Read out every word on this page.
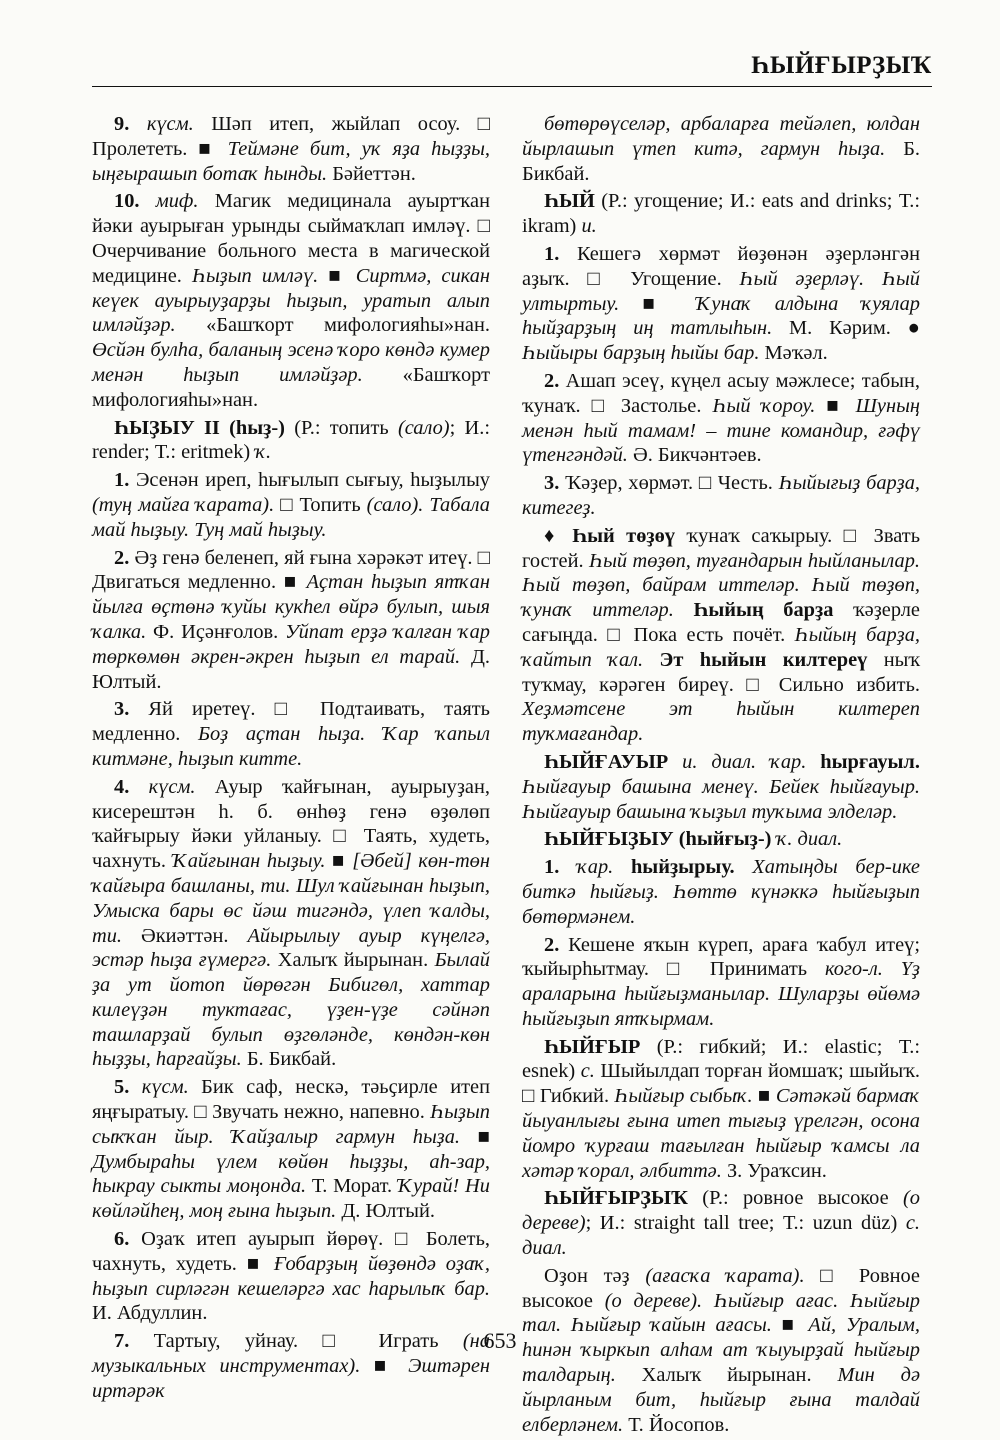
ҺЫЙҒЫРҘЫҠ

9. күсм. Шәп итеп, жыйлап осоу. □ Пролететь. ■ Теймәне бит, уҡ яҙа һыҙҙы, ыңғырашып ботаҡ һынды. Бәйеттән.

10. миф. Магик медицинала ауыртҡан йәки ауырыған урынды сыймаҡлап имләү. □ Очерчивание больного места в магической медицине. Һыҙып имләү. ■ Сиртмә, сикан кеүек ауырыуҙарҙы һыҙып, уратып алып имләйҙәр. «Башҡорт мифологияһы»нан. Өсйән булһа, баланың эсенә ҡоро көндә кумер менән һыҙып имләйҙәр. «Башҡорт мифологияһы»нан.

ҺЫҘЫУ II (һыҙ-) (Р.: топить (сало); И.: render; Т.: eritmek) ҡ.

1. Эсенән иреп, һығылып сығыу, һыҙылыу (туң майға ҡарата). □ Топить (сало). Табала май һыҙыу. Туң май һыҙыу.

2. Әҙ генә беленеп, яй ғына хәрәкәт итеү. □ Двигаться медленно. ■ Аҫтан һыҙып ятҡан йылға өҫтөнә ҡуйы кукһел өйрә булып, шыя ҡалка. Ф. Иҫәнғолов. Уйпат ерҙә ҡалған ҡар төркөмөн әкрен-әкрен һыҙып ел тарай. Д. Юлтый.

3. Яй иретеү. □ Подтаивать, таять медленно. Боҙ аҫтан һыҙа. Ҡар ҡапыл китмәне, һыҙып китте.

4. күсм. Ауыр ҡайғынан, ауырыуҙан, кисерештән һ. б. өнһөҙ генә өҙөлөп ҡайғырыу йәки уйланыу. □ Таять, худеть, чахнуть. Ҡайғынан һыҙыу. ■ [Әбей] көн-төн ҡайғыра башланы, ти. Шул ҡайғынан һыҙып, Умыска бары өс йәш тигәндә, үлеп ҡалды, ти. Әкиәттән. Айырылыу ауыр күңелгә, эстәр һыҙа ғүмергә. Халыҡ йырынан. Былай ҙа ут йотоп йөрөгән Бибигөл, хаттар килеүҙән туктағас, үҙен-үҙе сәйнәп ташларҙай булып өҙгөләнде, көндән-көн һыҙҙы, һарғайҙы. Б. Бикбай.

5. күсм. Бик саф, нескә, тәьҫирле итеп яңғыратыу. □ Звучать нежно, напевно. Һыҙып сыҡҡан йыр. Ҡайҙалыр гармун һыҙа. ■ Думбыраһы үлем көйөн һыҙҙы, аһ-зар, һыкрау сыкты моңонда. Т. Морат. Ҡурай! Ни көйләйһең, моң ғына һыҙып. Д. Юлтый.

6. Оҙаҡ итеп ауырып йөрөү. □ Болеть, чахнуть, худеть. ■ Ғобарҙың йөҙөндә оҙаҡ, һыҙып сирләгән кешеләргә хас һарылыҡ бар. И. Абдуллин.

7. Тартыу, уйнау. □ Играть (на музыкальных инструментах). ■ Эштәрен иртәрәк

бөтөрөүселәр, арбаларға тейәлеп, юлдан йырлашып үтеп китә, гармун һыҙа. Б. Бикбай.

ҺЫЙ (Р.: угощение; И.: eats and drinks; Т.: ikram) и.

1. Кешегә хөрмәт йөҙөнән әҙерләнгән аҙыҡ. □ Угощение. Һый әҙерләү. Һый ултыртыу. ■ Ҡунаҡ алдына ҡуялар һыйҙарҙың иң татлыһын. М. Кәрим. ● Һыйыры барҙың һыйы бар. Мәҡәл.

2. Ашап эсеү, күңел асыу мәжлесе; табын, ҡунаҡ. □ Застолье. Һый ҡороу. ■ Шуның менән һый тамам! – тине командир, ғәфү үтенгәндәй. Ә. Бикчәнтәев.

3. Ҡәҙер, хөрмәт. □ Честь. Һыйығыҙ барҙа, китегеҙ.

♦ Һый төҙөү ҡунаҡ саҡырыу. □ Звать гостей. Һый төҙөп, туғандарын һыйланылар. Һый төҙөп, байрам иттеләр. Һый төҙөп, ҡунаҡ иттеләр. Һыйың барҙа ҡәҙерле сағыңда. □ Пока есть почёт. Һыйың барҙа, ҡайтып ҡал. Эт һыйын килтереү ныҡ туҡмау, кәрәген биреү. □ Сильно избить. Хеҙмәтсене эт һыйын килтереп туҡмағандар.

ҺЫЙҒАУЫР и. диал. ҡар. һырғауыл. Һыйғауыр башына менеү. Бейек һыйғауыр. Һыйғауыр башына ҡыҙыл туҡыма элделәр.

ҺЫЙҒЫҘЫУ (һыйғыҙ-) ҡ. диал.

1. ҡар. һыйҙырыу. Хатыңды бер-ике биткә һыйғыҙ. Һөттө күнәккә һыйғыҙып бөтөрмәнем.

2. Кешене яҡын күреп, араға ҡабул итеү; ҡыйырһытмау. □ Принимать кого-л. Үҙ араларына һыйғыҙманылар. Шуларҙы өйөмә һыйғыҙып ятҡырмам.

ҺЫЙҒЫР (Р.: гибкий; И.: elastic; Т.: esnek) с. Шыйылдап торған йомшаҡ; шыйыҡ. □ Гибкий. Һыйғыр сыбыҡ. ■ Сәтәкәй бармаҡ йыуанлығы ғына итеп тығыҙ үрелгән, осона йомро ҡурғаш тағылған һыйғыр ҡамсы ла хәтәр ҡорал, әлбиттә. З. Ураҡсин.

ҺЫЙҒЫРҘЫҠ (Р.: ровное высокое (о дереве); И.: straight tall tree; Т.: uzun düz) с. диал.

Оҙон тәҙ (ағасҡа ҡарата). □ Ровное высокое (о дереве). Һыйғыр ағас. Һыйғыр тал. Һыйғыр ҡайын ағасы. ■ Ай, Уралым, һинән ҡыркып алһам ат ҡыуырҙай һыйғыр талдарың. Халыҡ йырынан. Мин дә йырланым бит, һыйғыр ғына талдай елберләнем. Т. Йосопов.

653
